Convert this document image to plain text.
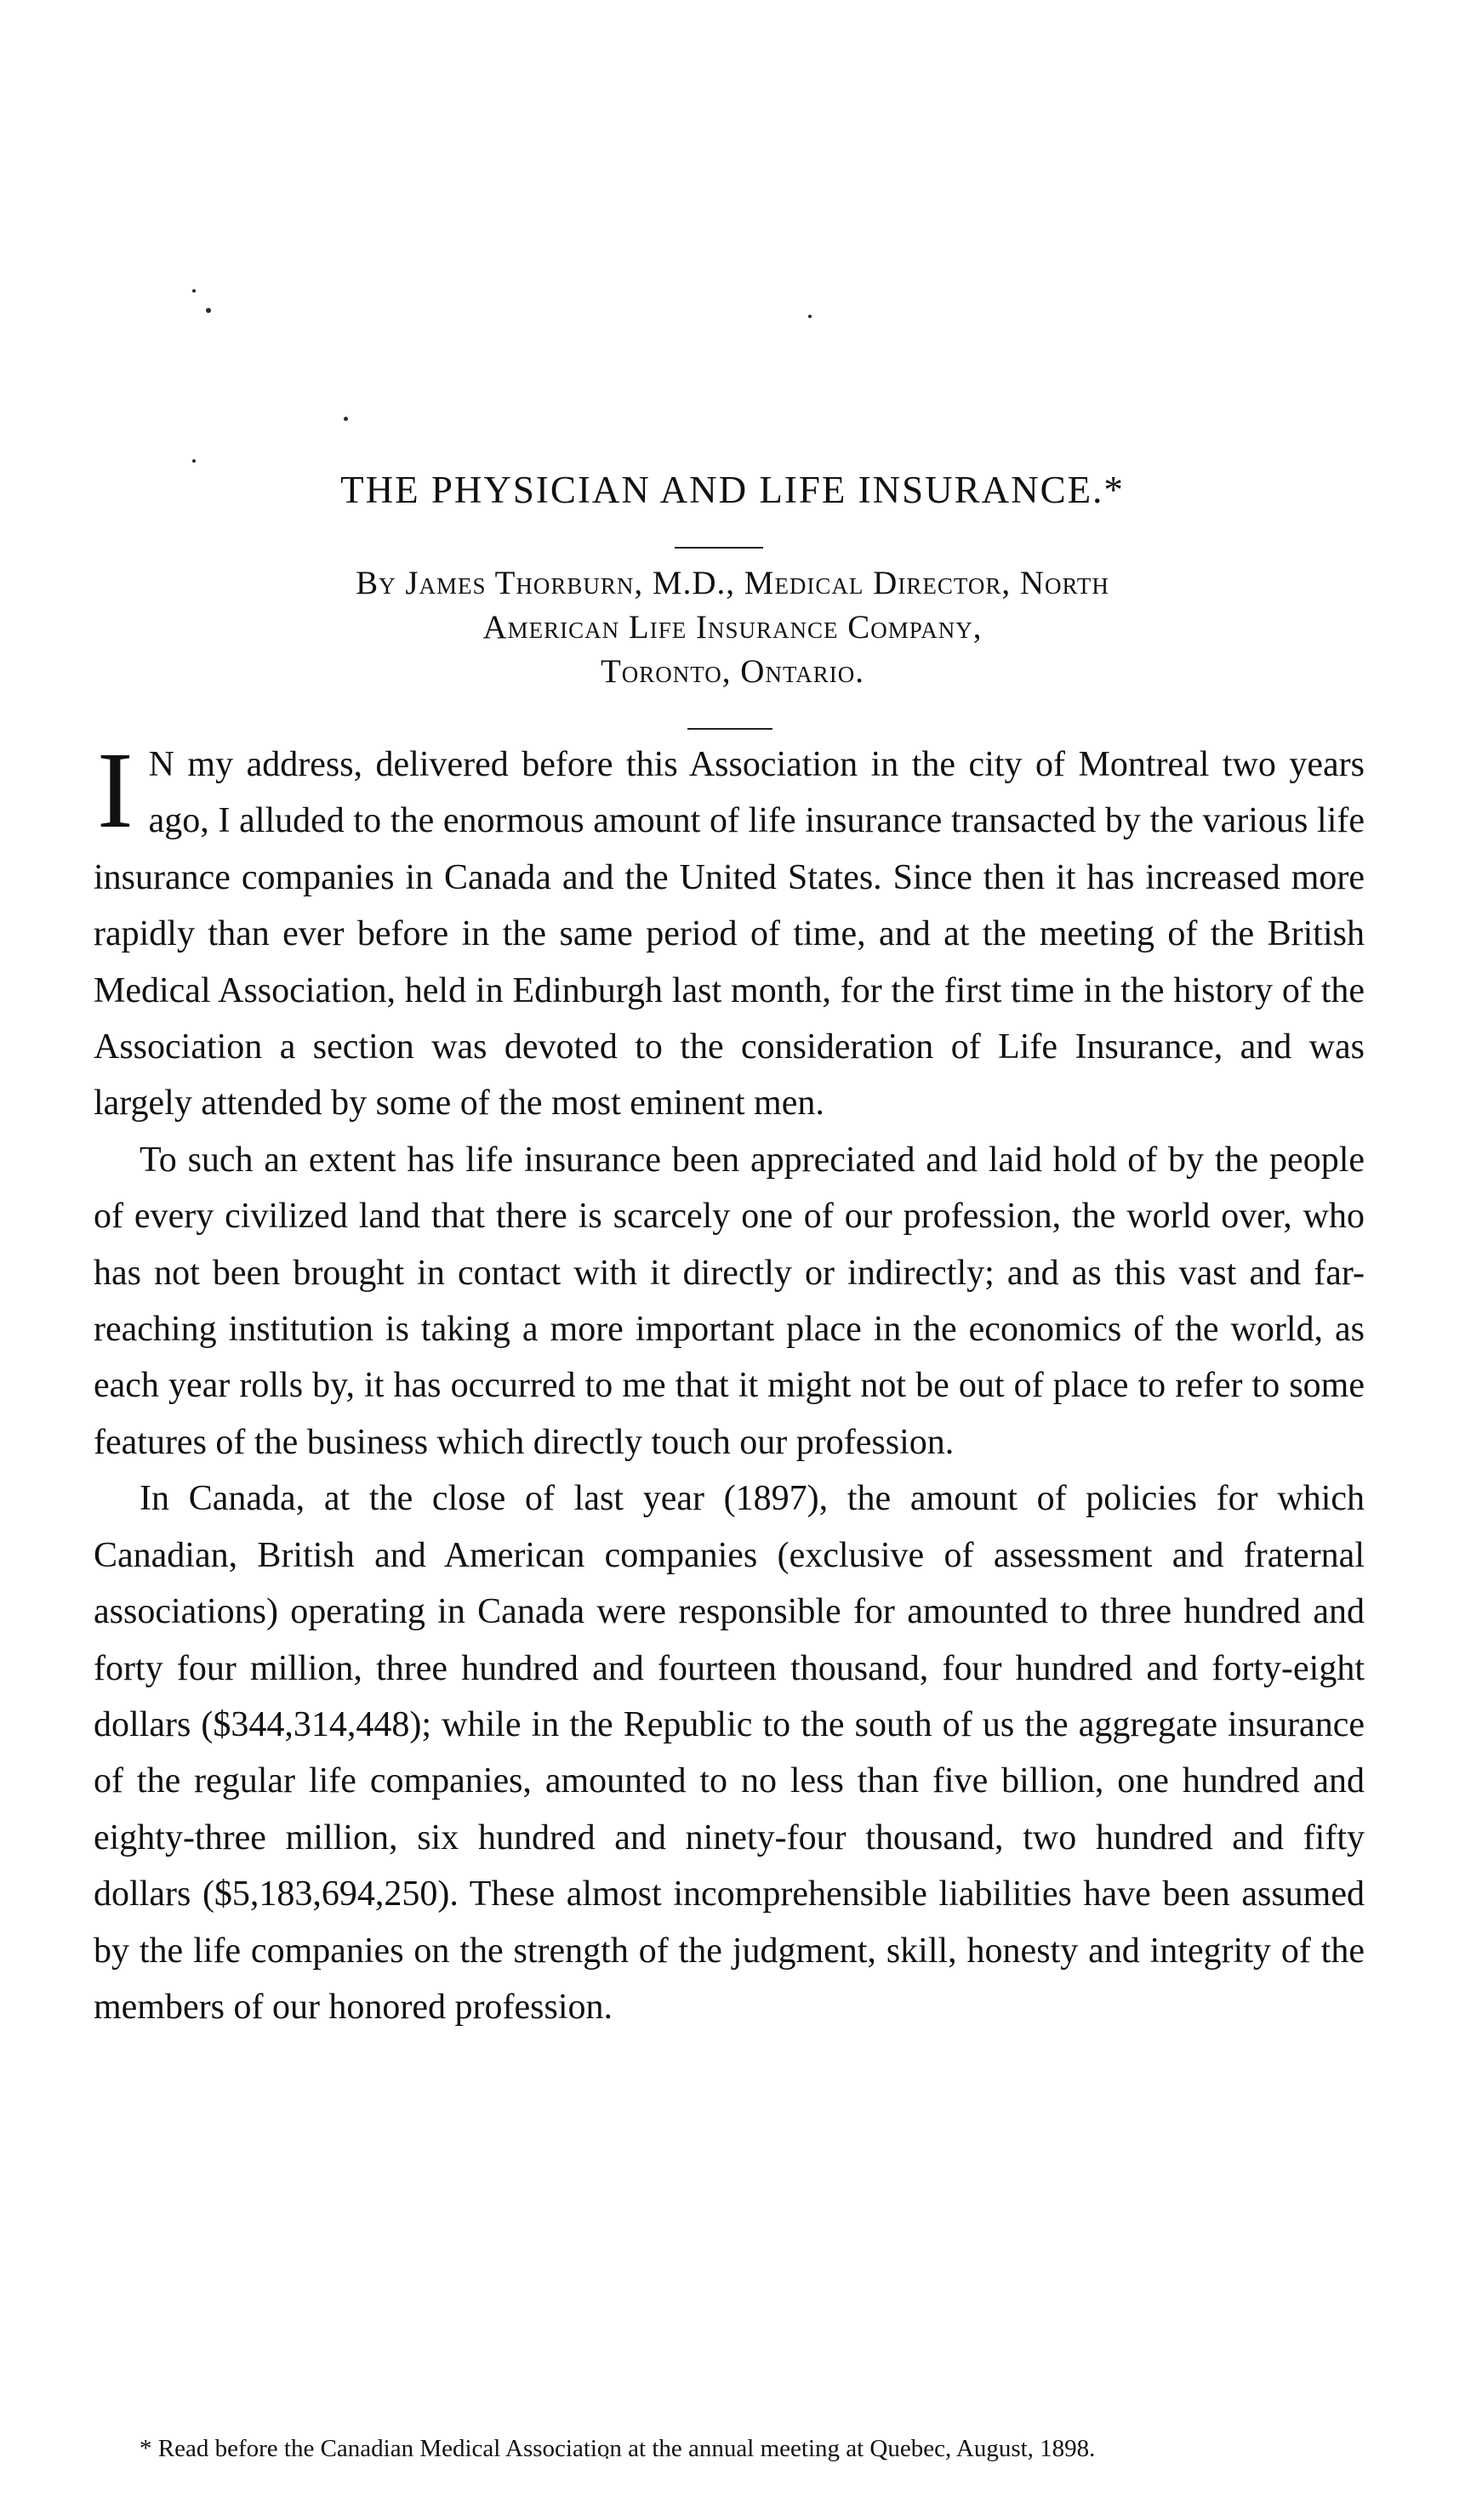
THE PHYSICIAN AND LIFE INSURANCE.*
By James Thorburn, M.D., Medical Director, North
American Life Insurance Company,
Toronto, Ontario.

I N my address, delivered before this Association in the city of Montreal two years ago, I alluded to the enormous amount of life insurance transacted by the various life insurance companies in Canada and the United States. Since then it has increased more rapidly than ever before in the same period of time, and at the meeting of the British Medical Association, held in Edinburgh last month, for the first time in the history of the Association a section was devoted to the consideration of Life Insurance, and was largely attended by some of the most eminent men.

To such an extent has life insurance been appreciated and laid hold of by the people of every civilized land that there is scarcely one of our profession, the world over, who has not been brought in contact with it directly or indirectly; and as this vast and far-reaching institution is taking a more important place in the economics of the world, as each year rolls by, it has occurred to me that it might not be out of place to refer to some features of the business which directly touch our profession.

In Canada, at the close of last year (1897), the amount of policies for which Canadian, British and American companies (exclusive of assessment and fraternal associations) operating in Canada were responsible for amounted to three hundred and forty four million, three hundred and fourteen thousand, four hundred and forty-eight dollars ($344,314,448); while in the Republic to the south of us the aggregate insurance of the regular life companies, amounted to no less than five billion, one hundred and eighty-three million, six hundred and ninety-four thousand, two hundred and fifty dollars ($5,183,694,250). These almost incomprehensible liabilities have been assumed by the life companies on the strength of the judgment, skill, honesty and integrity of the members of our honored profession.

* Read before the Canadian Medical Association at the annual meeting at Quebec, August, 1898.
